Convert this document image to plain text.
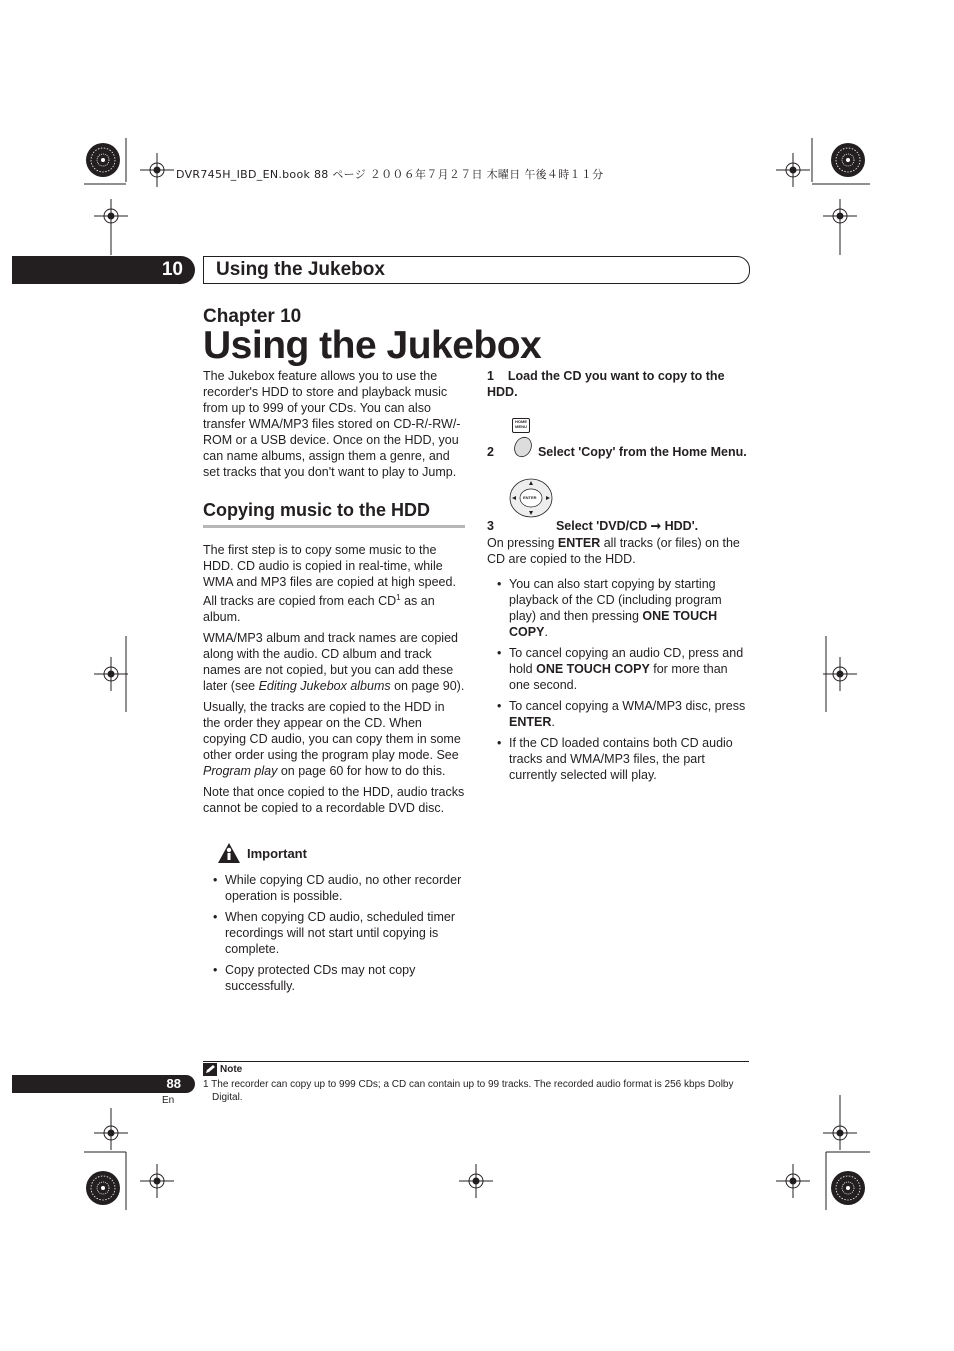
DVR745H_IBD_EN.book 88 ページ ２００６年７月２７日 木曜日 午後４時１１分
10 Using the Jukebox
Chapter 10
Using the Jukebox

The Jukebox feature allows you to use the recorder's HDD to store and playback music from up to 999 of your CDs. You can also transfer WMA/MP3 files stored on CD-R/-RW/-ROM or a USB device. Once on the HDD, you can name albums, assign them a genre, and set tracks that you don't want to play to Jump.

Copying music to the HDD

The first step is to copy some music to the HDD. CD audio is copied in real-time, while WMA and MP3 files are copied at high speed. All tracks are copied from each $CD^1$ as an album.

WMA/MP3 album and track names are copied along with the audio. CD album and track names are not copied, but you can add these later (see Editing Jukebox albums on page 90).

Usually, the tracks are copied to the HDD in the order they appear on the CD. When copying CD audio, you can copy them in some other order using the program play mode. See Program play on page 60 for how to do this.

Note that once copied to the HDD, audio tracks cannot be copied to a recordable DVD disc.

Important
• While copying CD audio, no other recorder operation is possible.
• When copying CD audio, scheduled timer recordings will not start until copying is complete.
• Copy protected CDs may not copy successfully.
1 Load the CD you want to copy to the HDD.
HOME
MENU
2	Select 'Copy' from the Home Menu.
ENTER
3	Select 'DVD/CD ➞ HDD'.

On pressing ENTER all tracks (or files) on the CD are copied to the HDD.

• You can also start copying by starting playback of the CD (including program play) and then pressing ONE TOUCH COPY.
• To cancel copying an audio CD, press and hold ONE TOUCH COPY for more than one second.
• To cancel copying a WMA/MP3 disc, press ENTER.
• If the CD loaded contains both CD audio tracks and WMA/MP3 files, the part currently selected will play.
Note
1 The recorder can copy up to 999 CDs; a CD can contain up to 99 tracks. The recorded audio format is 256 kbps Dolby Digital.
88
En
